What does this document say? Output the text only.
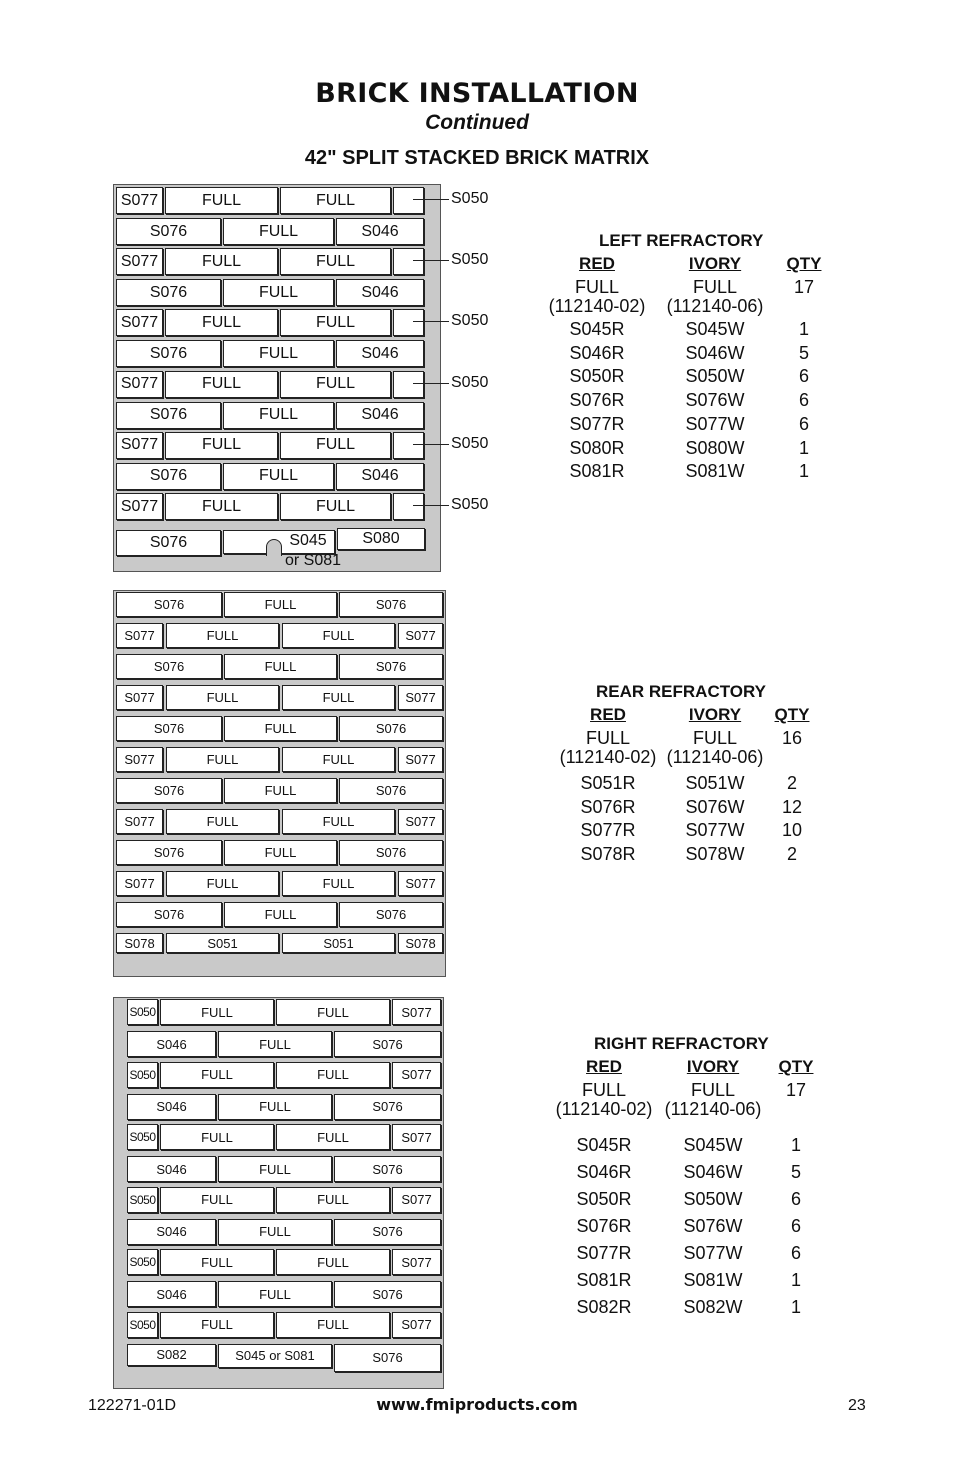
BRICK INSTALLATION
Continued
42" SPLIT STACKED BRICK MATRIX
S077	FULL	FULL
S076	FULL	S046
S077	FULL	FULL
S076	FULL	S046
S077	FULL	FULL
S076	FULL	S046
S077	FULL	FULL
S076	FULL	S046
S077	FULL	FULL
S076	FULL	S046
S077	FULL	FULL
S076	S045	S080
or S081
S076	FULL	S076
S077	FULL	FULL	S077
S076	FULL	S076
S077	FULL	FULL	S077
S076	FULL	S076
S077	FULL	FULL	S077
S076	FULL	S076
S077	FULL	FULL	S077
S076	FULL	S076
S077	FULL	FULL	S077
S076	FULL	S076
S078	S051	S051	S078
S050	FULL	FULL	S077
S046	FULL	S076
S050	FULL	FULL	S077
S046	FULL	S076
S050	FULL	FULL	S077
S046	FULL	S076
S050	FULL	FULL	S077
S046	FULL	S076
S050	FULL	FULL	S077
S046	FULL	S076
S050	FULL	FULL	S077
S082	S045 or S081	S076
S050
S050
S050
S050
S050
S050
LEFT REFRACTORY
RED	IVORY	QTY
FULL	FULL	17
(112140-02)	(112140-06)
S045R	S045W	1
S046R	S046W	5
S050R	S050W	6
S076R	S076W	6
S077R	S077W	6
S080R	S080W	1
S081R	S081W	1
REAR REFRACTORY
RED	IVORY	QTY
FULL	FULL	16
(112140-02) (112140-06)
S051R	S051W	2
S076R	S076W	12
S077R	S077W	10
S078R	S078W	2
RIGHT REFRACTORY
RED	IVORY	QTY
FULL	FULL	17
(112140-02) (112140-06)
S045R	S045W	1
S046R	S046W	5
S050R	S050W	6
S076R	S076W	6
S077R	S077W	6
S081R	S081W	1
S082R	S082W	1
122271-01D	www.fmiproducts.com	23
